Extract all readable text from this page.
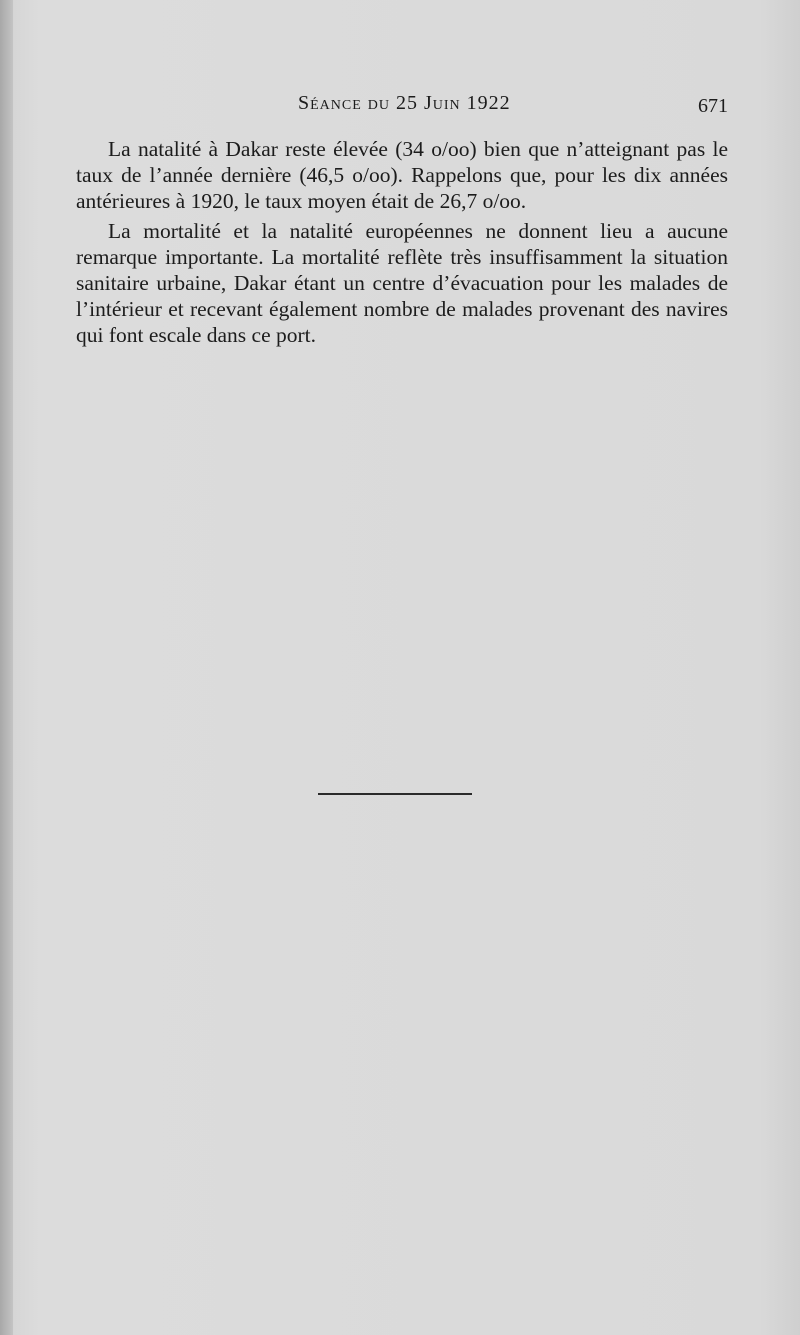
Séance du 25 Juin 1922	671

La natalité à Dakar reste élevée (34 o/oo) bien que n’atteignant pas le taux de l’année dernière (46,5 o/oo). Rappelons que, pour les dix années antérieures à 1920, le taux moyen était de 26,7 o/oo.

La mortalité et la natalité européennes ne donnent lieu a aucune remarque importante. La mortalité reflète très insuffisamment la situation sanitaire urbaine, Dakar étant un centre d’évacuation pour les malades de l’intérieur et recevant également nombre de malades provenant des navires qui font escale dans ce port.
